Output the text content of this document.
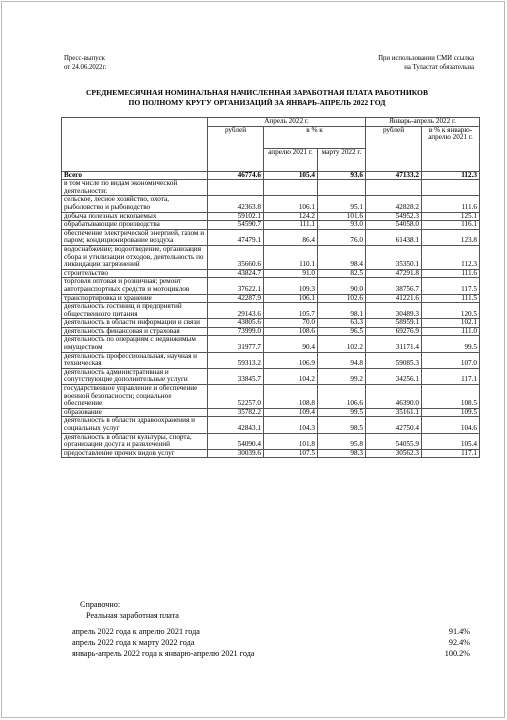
Пресс-выпуск
от 24.06.2022г.
При использовании СМИ ссылка
на Туластат обязательна
СРЕДНЕМЕСЯЧНАЯ НОМИНАЛЬНАЯ НАЧИСЛЕННАЯ ЗАРАБОТНАЯ ПЛАТА РАБОТНИКОВ
ПО ПОЛНОМУ КРУГУ ОРГАНИЗАЦИЙ ЗА ЯНВАРЬ-АПРЕЛЬ 2022 ГОД
	Апрель 2022 г.			Январь-апрель 2022 г.	
	рублей	в % к		рублей	в % к январю-апрелю 2021 г.
		апрелю 2021 г.	марту 2022 г.		
Всего	46774.6	105.4	93.6	47133.2	112.3
в том числе по видам экономической деятельности:					
сельское, лесное хозяйство, охота, рыболовство и рыбоводство	42363.8	106.1	95.1	42828.2	111.6
добыча полезных ископаемых	59102.1	124.2	101.6	54952.3	125.1
обрабатывающие производства	54590.7	111.1	93.0	54058.0	116.1
обеспечение электрической энергией, газом и паром; кондиционирование воздуха	47479.1	86.4	76.0	61438.1	123.8
водоснабжение; водоотведение, организация сбора и утилизации отходов, деятельность по ликвидации загрязнений	35660.6	110.1	98.4	35350.1	112.3
строительство	43824.7	91.0	82.5	47291.8	111.6
торговля оптовая и розничная; ремонт автотранспортных средств и мотоциклов	37622.1	109.3	90.0	38756.7	117.5
транспортировка и хранение	42287.9	106.1	102.6	41221.6	111.5
деятельность гостиниц и предприятий общественного питания	29143.6	105.7	98.1	30489.3	120.5
деятельность в области информации и связи	43805.6	70.0	63.3	58959.1	102.1
деятельность финансовая и страховая	73999.0	108.6	96.5	69276.9	111.0
деятельность по операциям с недвижимым имуществом	31977.7	90.4	102.2	31171.4	99.5
деятельность профессиональная, научная и техническая	59313.2	106.9	94.8	59085.3	107.0
деятельность административная и сопутствующие дополнительные услуги	33845.7	104.2	99.2	34256.1	117.1
государственное управление и обеспечение военной безопасности; социальное обеспечение	52257.0	108.8	106.6	46390.0	108.5
образование	35782.2	109.4	99.5	35161.1	109.5
деятельность в области здравоохранения и социальных услуг	42843.1	104.3	98.5	42750.4	104.6
деятельность в области культуры, спорта, организации досуга и развлечений	54090.4	101.8	95.8	54055.9	105.4
предоставление прочих видов услуг	30039.6	107.5	98.3	30562.3	117.1
Справочно:
Реальная заработная плата
апрель 2022 года к апрелю 2021 года	91.4%
апрель 2022 года к марту 2022 года	92.4%
январь-апрель 2022 года к январю-апрелю 2021 года	100.2%
